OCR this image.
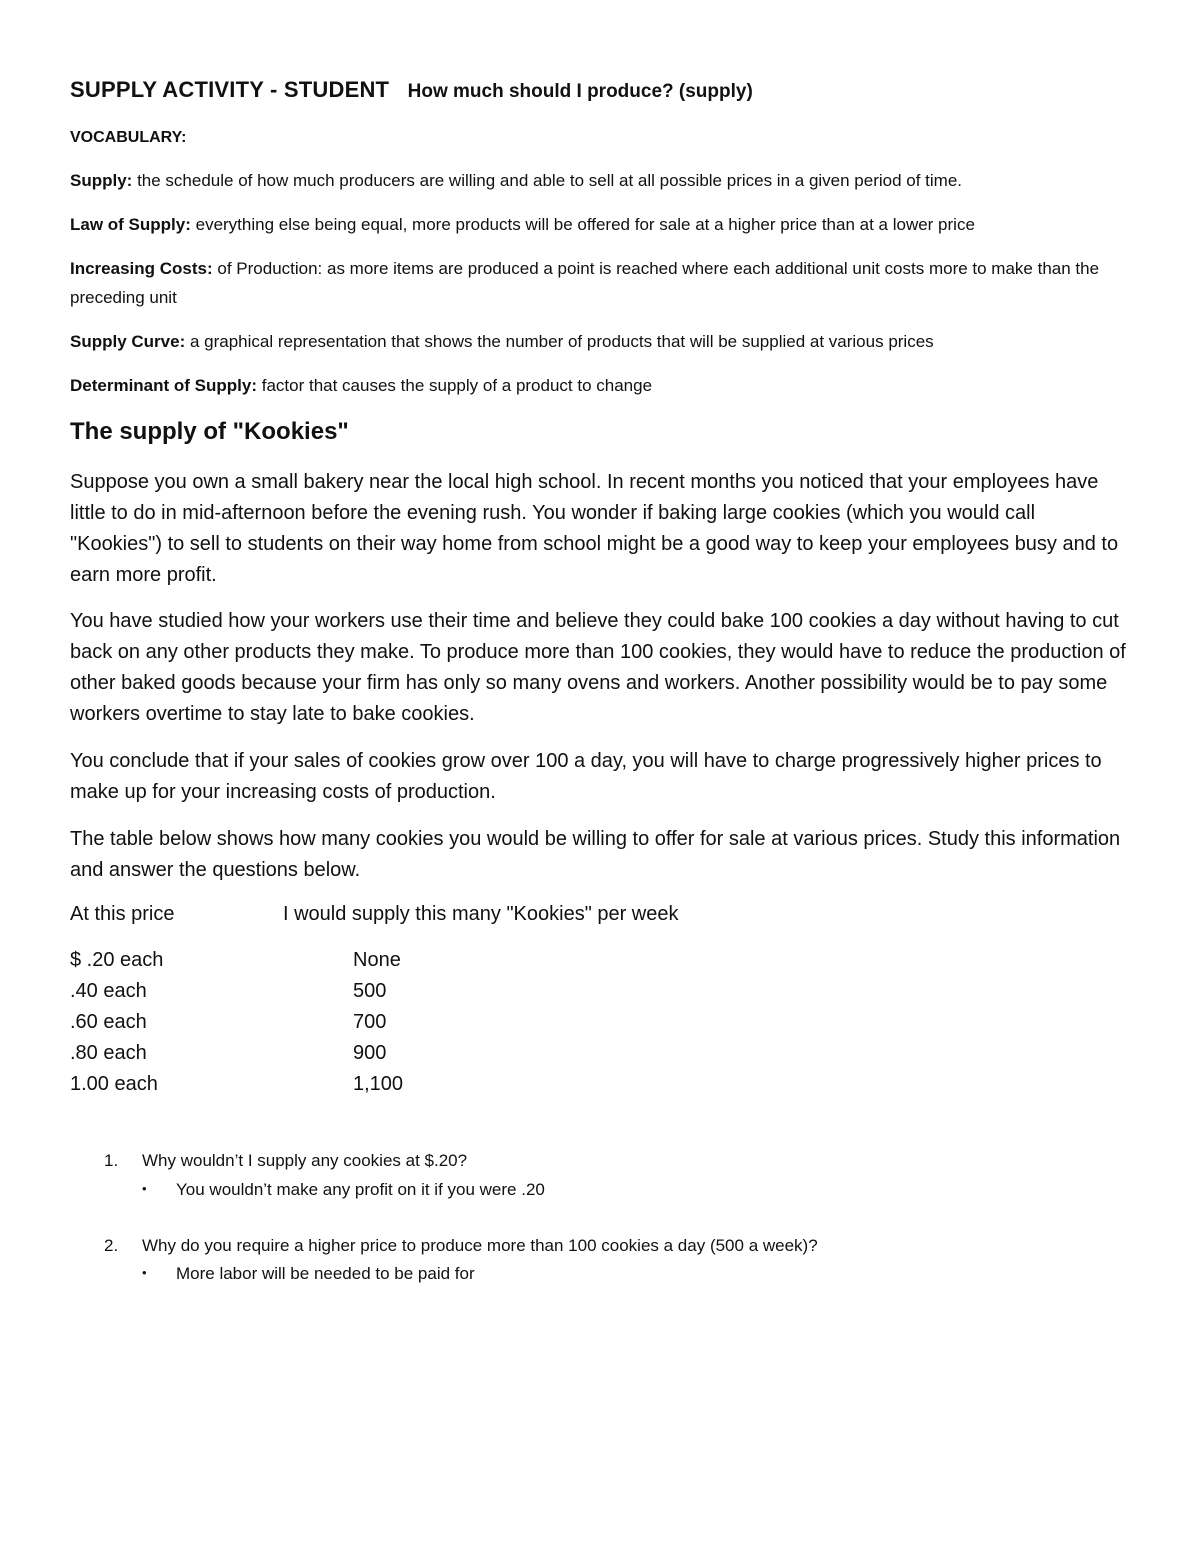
SUPPLY ACTIVITY - STUDENT How much should I produce? (supply)
VOCABULARY:
Supply: the schedule of how much producers are willing and able to sell at all possible prices in a given period of time.
Law of Supply: everything else being equal, more products will be offered for sale at a higher price than at a lower price
Increasing Costs: of Production: as more items are produced a point is reached where each additional unit costs more to make than the preceding unit
Supply Curve: a graphical representation that shows the number of products that will be supplied at various prices
Determinant of Supply: factor that causes the supply of a product to change
The supply of "Kookies"
Suppose you own a small bakery near the local high school. In recent months you noticed that your employees have little to do in mid-afternoon before the evening rush. You wonder if baking large cookies (which you would call "Kookies") to sell to students on their way home from school might be a good way to keep your employees busy and to earn more profit.
You have studied how your workers use their time and believe they could bake 100 cookies a day without having to cut back on any other products they make. To produce more than 100 cookies, they would have to reduce the production of other baked goods because your firm has only so many ovens and workers. Another possibility would be to pay some workers overtime to stay late to bake cookies.
You conclude that if your sales of cookies grow over 100 a day, you will have to charge progressively higher prices to make up for your increasing costs of production.
The table below shows how many cookies you would be willing to offer for sale at various prices. Study this information and answer the questions below.
At this price	I would supply this many "Kookies" per week
$ .20 each	None
.40 each	500
.60 each	700
.80 each	900
1.00 each	1,100
1. Why wouldn’t I supply any cookies at $.20?
• You wouldn’t make any profit on it if you were .20
2. Why do you require a higher price to produce more than 100 cookies a day (500 a week)?
• More labor will be needed to be paid for
